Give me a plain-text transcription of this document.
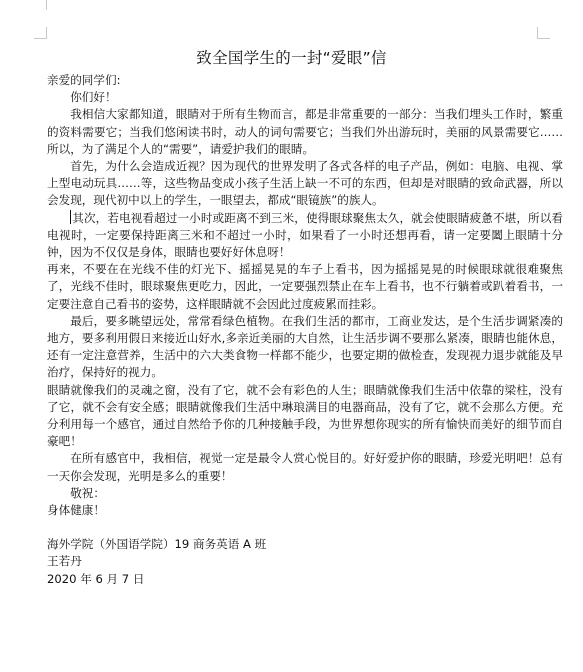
致全国学生的一封“爱眼”信

亲爱的同学们:

你们好！

我相信大家都知道，眼睛对于所有生物而言，都是非常重要的一部分：当我们埋头工作时，繁重的资料需要它；当我们悠闲读书时，动人的词句需要它；当我们外出游玩时，美丽的风景需要它……所以，为了满足个人的“需要”，请爱护我们的眼睛。

首先，为什么会造成近视？因为现代的世界发明了各式各样的电子产品，例如：电脑、电视、掌上型电动玩具……等，这些物品变成小孩子生活上缺一不可的东西，但却是对眼睛的致命武器，所以会发现，现代初中以上的学生，一眼望去，都成“眼镜族”的族人。

其次，若电视看超过一小时或距离不到三米，使得眼球聚焦太久，就会使眼睛疲惫不堪，所以看电视时，一定要保持距离三米和不超过一小时，如果看了一小时还想再看，请一定要闔上眼睛十分钟，因为不仅仅是身体，眼睛也要好好休息呀！

再来，不要在在光线不佳的灯光下、摇摇晃晃的车子上看书，因为摇摇晃晃的时候眼球就很难聚焦了，光线不佳时，眼球聚焦更吃力，因此，一定要强烈禁止在车上看书，也不行躺着或趴着看书，一定要注意自己看书的姿势，这样眼睛就不会因此过度疲累而挂彩。

最后，要多眺望远处，常常看绿色植物。在我们生活的都市，工商业发达，是个生活步调紧凑的地方，要多利用假日来接近山好水,多亲近美丽的大自然，让生活步调不要那么紧凑，眼睛也能休息，还有一定注意营养，生活中的六大类食物一样都不能少，也要定期的做检查，发现视力退步就能及早治疗，保持好的视力。

眼睛就像我们的灵魂之窗，没有了它，就不会有彩色的人生；眼睛就像我们生活中依靠的梁柱，没有了它，就不会有安全感；眼睛就像我们生活中琳琅满目的电器商品，没有了它，就不会那么方便。充分利用每一个感官，通过自然给予你的几种接触手段，为世界想你现实的所有愉快而美好的细节而自豪吧！

在所有感官中，我相信，视觉一定是最令人赏心悦目的。好好爱护你的眼睛，珍爱光明吧！总有一天你会发现，光明是多么的重要！

敬祝：

身体健康！

海外学院（外国语学院）19 商务英语 A 班

王若丹

2020 年 6 月 7 日
